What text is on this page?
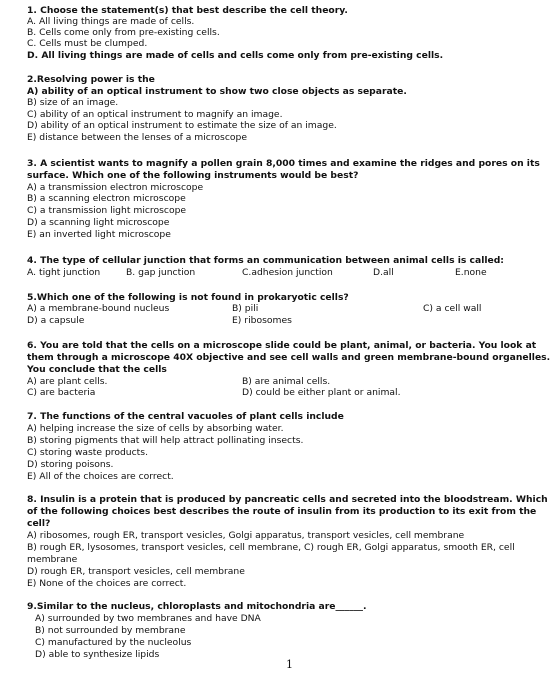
1. Choose the statement(s) that best describe the cell theory.
A. All living things are made of cells.
B. Cells come only from pre-existing cells.
C. Cells must be clumped.
D. All living things are made of cells and cells come only from pre-existing cells.
2.Resolving power is the
A) ability of an optical instrument to show two close objects as separate.
B) size of an image.
C) ability of an optical instrument to magnify an image.
D) ability of an optical instrument to estimate the size of an image.
E) distance between the lenses of a microscope
3. A scientist wants to magnify a pollen grain 8,000 times and examine the ridges and pores on its
surface. Which one of the following instruments would be best?
A) a transmission electron microscope
B) a scanning electron microscope
C) a transmission light microscope
D) a scanning light microscope
E) an inverted light microscope
4. The type of cellular junction that forms an communication between animal cells is called:
A. tight junction	B. gap junction	C.adhesion junction	D.all	E.none
5.Which one of the following is not found in prokaryotic cells?
A) a membrane-bound nucleus	B) pili	C) a cell wall
D) a capsule	E) ribosomes
6. You are told that the cells on a microscope slide could be plant, animal, or bacteria. You look at
them through a microscope 40X objective and see cell walls and green membrane-bound organelles.
You conclude that the cells
A) are plant cells.	B) are animal cells.
C) are bacteria	D) could be either plant or animal.
7. The functions of the central vacuoles of plant cells include
A) helping increase the size of cells by absorbing water.
B) storing pigments that will help attract pollinating insects.
C) storing waste products.
D) storing poisons.
E) All of the choices are correct.
8. Insulin is a protein that is produced by pancreatic cells and secreted into the bloodstream. Which
of the following choices best describes the route of insulin from its production to its exit from the
cell?
A) ribosomes, rough ER, transport vesicles, Golgi apparatus, transport vesicles, cell membrane
B) rough ER, lysosomes, transport vesicles, cell membrane, C) rough ER, Golgi apparatus, smooth ER, cell
membrane
D) rough ER, transport vesicles, cell membrane
E) None of the choices are correct.
9.Similar to the nucleus, chloroplasts and mitochondria are______.
A) surrounded by two membranes and have DNA
B) not surrounded by membrane
C) manufactured by the nucleolus
D) able to synthesize lipids
1
